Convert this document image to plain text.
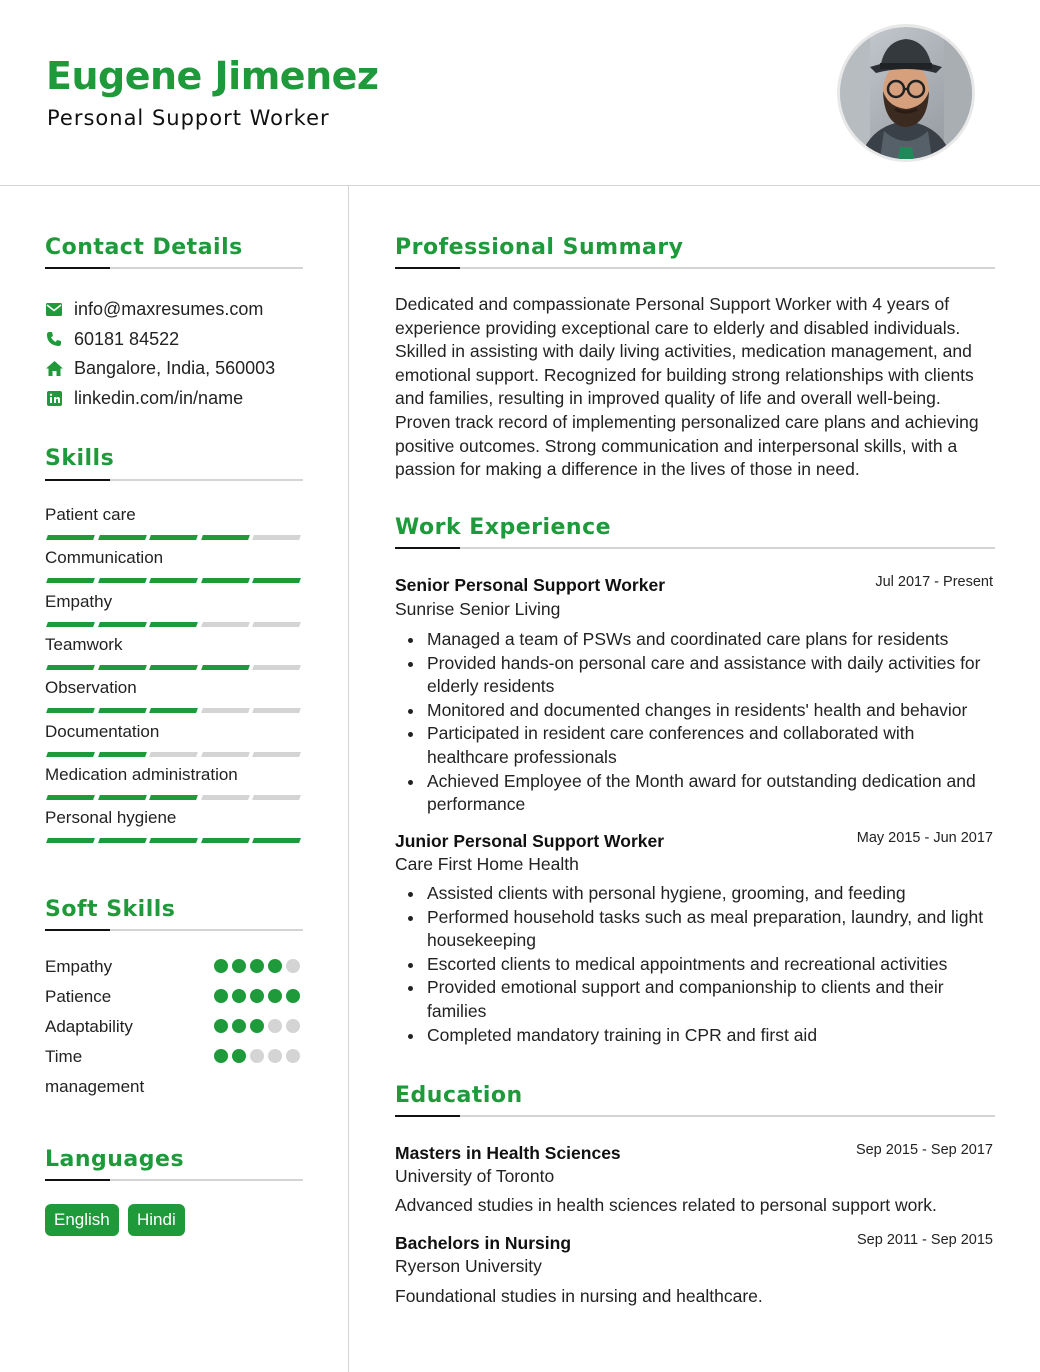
Eugene Jimenez
Personal Support Worker
Contact Details
info@maxresumes.com
60181 84522
Bangalore, India, 560003
linkedin.com/in/name
Skills
Patient care
Communication
Empathy
Teamwork
Observation
Documentation
Medication administration
Personal hygiene
Soft Skills
Empathy
Patience
Adaptability
Time management
Languages
English	Hindi
Professional Summary
Dedicated and compassionate Personal Support Worker with 4 years of experience providing exceptional care to elderly and disabled individuals. Skilled in assisting with daily living activities, medication management, and emotional support. Recognized for building strong relationships with clients and families, resulting in improved quality of life and overall well-being. Proven track record of implementing personalized care plans and achieving positive outcomes. Strong communication and interpersonal skills, with a passion for making a difference in the lives of those in need.
Work Experience
Senior Personal Support Worker	Jul 2017 - Present
Sunrise Senior Living
Managed a team of PSWs and coordinated care plans for residents
Provided hands-on personal care and assistance with daily activities for elderly residents
Monitored and documented changes in residents' health and behavior
Participated in resident care conferences and collaborated with healthcare professionals
Achieved Employee of the Month award for outstanding dedication and performance
Junior Personal Support Worker	May 2015 - Jun 2017
Care First Home Health
Assisted clients with personal hygiene, grooming, and feeding
Performed household tasks such as meal preparation, laundry, and light housekeeping
Escorted clients to medical appointments and recreational activities
Provided emotional support and companionship to clients and their families
Completed mandatory training in CPR and first aid
Education
Masters in Health Sciences	Sep 2015 - Sep 2017
University of Toronto
Advanced studies in health sciences related to personal support work.
Bachelors in Nursing	Sep 2011 - Sep 2015
Ryerson University
Foundational studies in nursing and healthcare.
